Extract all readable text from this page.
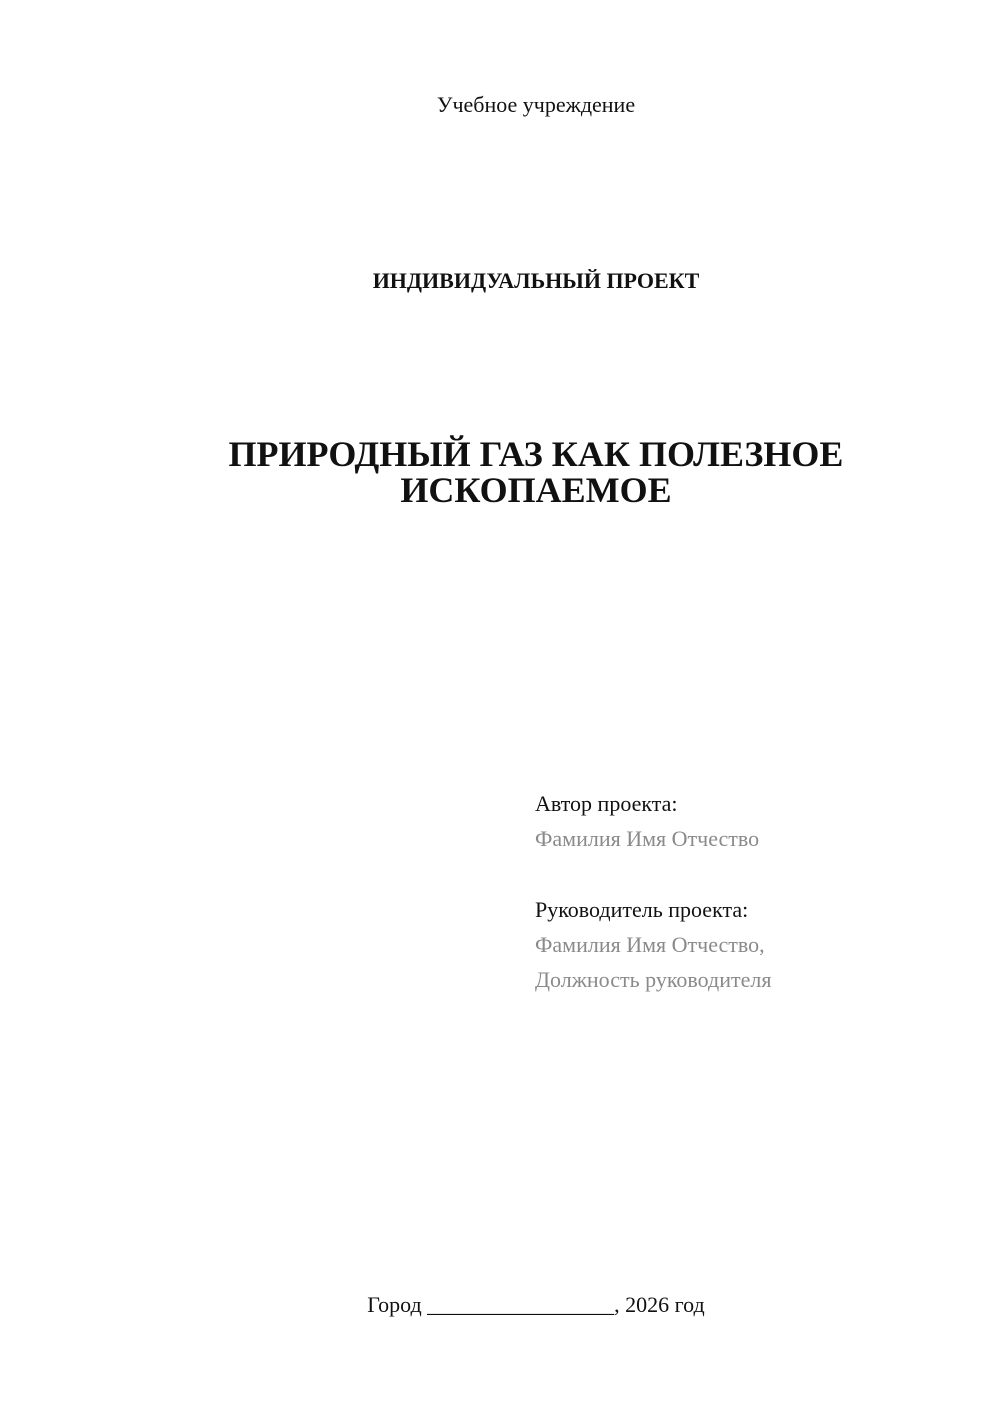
Учебное учреждение
ИНДИВИДУАЛЬНЫЙ ПРОЕКТ
ПРИРОДНЫЙ ГАЗ КАК ПОЛЕЗНОЕ
ИСКОПАЕМОЕ
Автор проекта:
Фамилия Имя Отчество
Руководитель проекта:
Фамилия Имя Отчество,
Должность руководителя
Город _________________, 2026 год
